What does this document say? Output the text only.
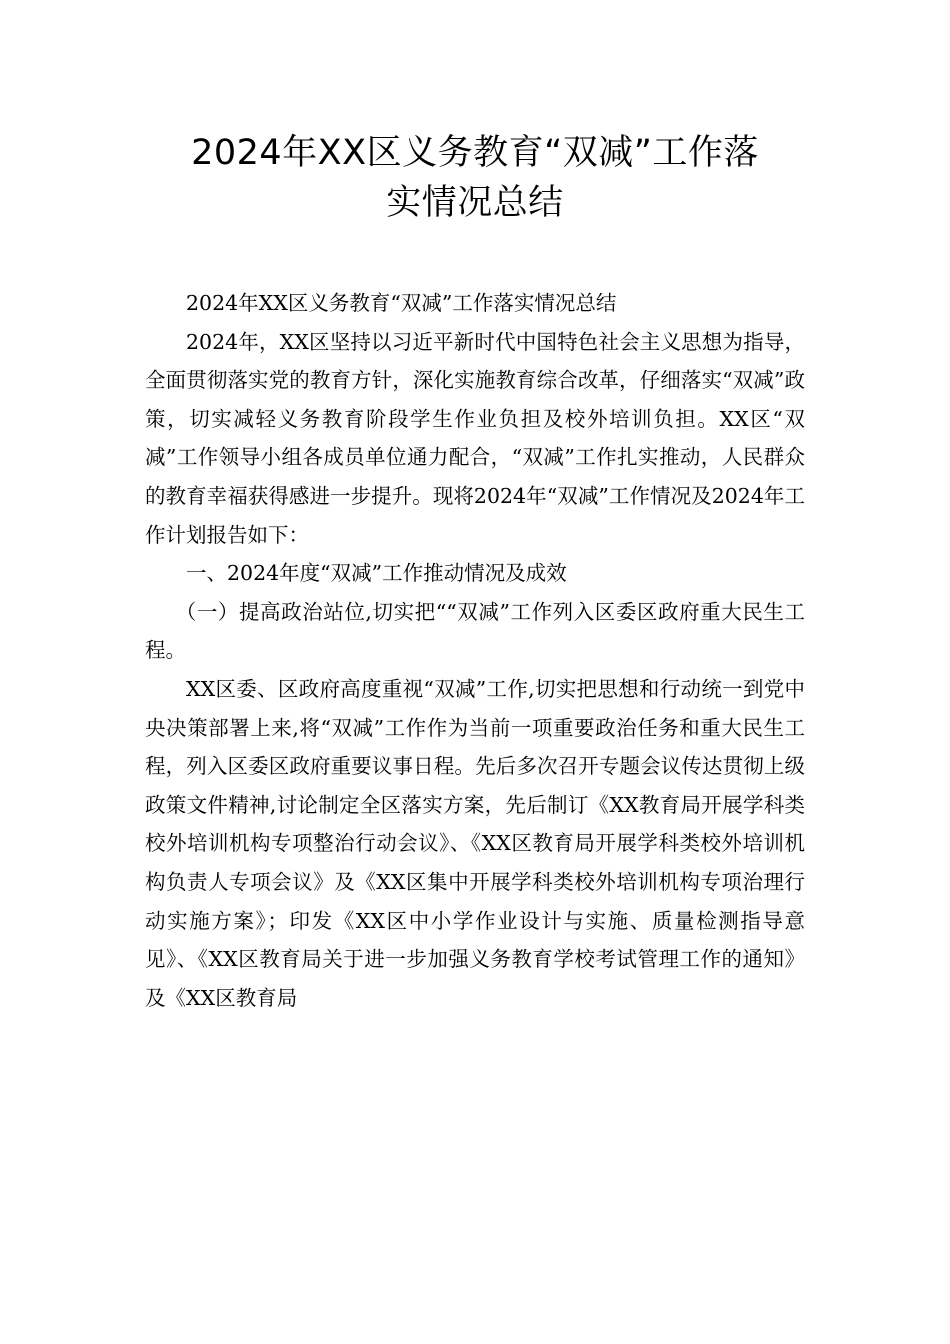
2024年XX区义务教育“双减”工作落
实情况总结

2024年XX区义务教育“双减”工作落实情况总结

2024年，XX区坚持以习近平新时代中国特色社会主义思想为指导，全面贯彻落实党的教育方针，深化实施教育综合改革，仔细落实“双减”政策，切实减轻义务教育阶段学生作业负担及校外培训负担。XX区“双减”工作领导小组各成员单位通力配合，“双减”工作扎实推动，人民群众的教育幸福获得感进一步提升。现将2024年“双减”工作情况及2024年工作计划报告如下：

一、2024年度“双减”工作推动情况及成效

（一）提高政治站位,切实把““双减”工作列入区委区政府重大民生工程。

XX区委、区政府高度重视“双减”工作,切实把思想和行动统一到党中央决策部署上来,将“双减”工作作为当前一项重要政治任务和重大民生工程，列入区委区政府重要议事日程。先后多次召开专题会议传达贯彻上级政策文件精神,讨论制定全区落实方案，先后制订《XX教育局开展学科类校外培训机构专项整治行动会议》、《XX区教育局开展学科类校外培训机构负责人专项会议》及《XX区集中开展学科类校外培训机构专项治理行动实施方案》；印发《XX区中小学作业设计与实施、质量检测指导意见》、《XX区教育局关于进一步加强义务教育学校考试管理工作的通知》及《XX区教育局
